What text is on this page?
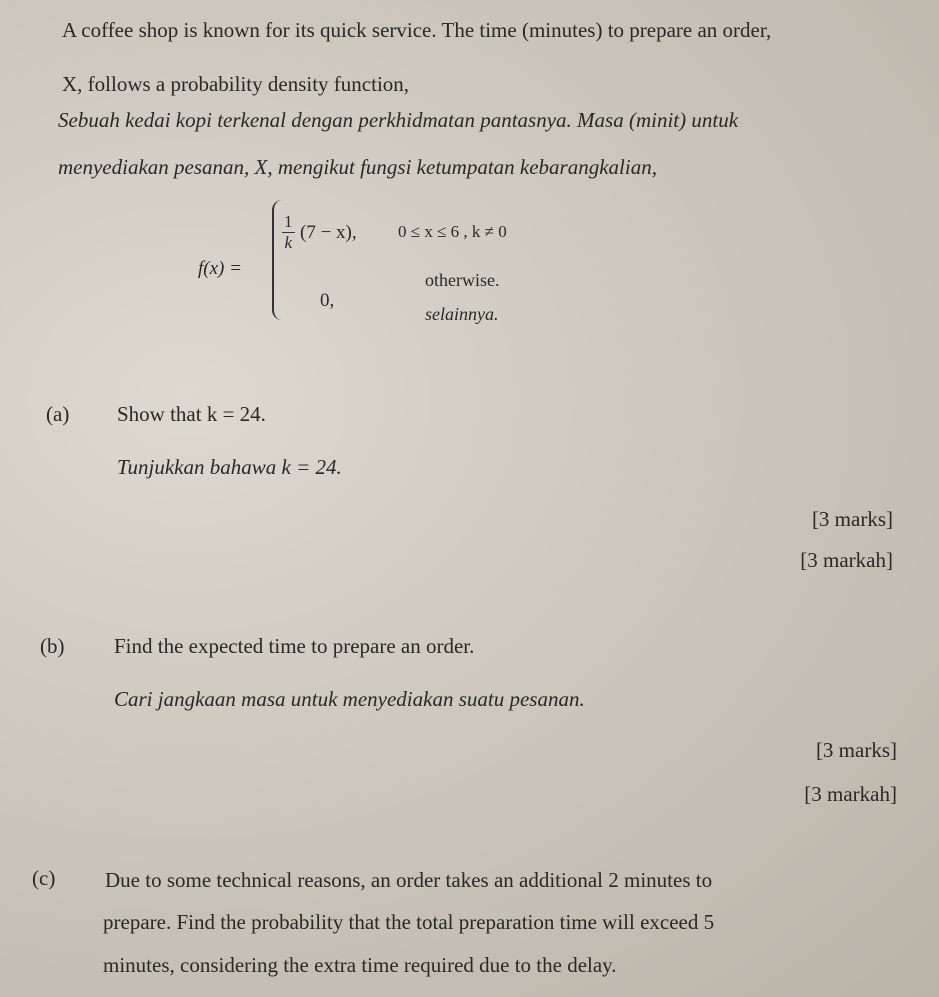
A coffee shop is known for its quick service. The time (minutes) to prepare an order,
X, follows a probability density function,
Sebuah kedai kopi terkenal dengan perkhidmatan pantasnya. Masa (minit) untuk
menyediakan pesanan, X, mengikut fungsi ketumpatan kebarangkalian,
f(x) =
$\frac{1}{k} (7 - x)$, 0 ≤ x ≤ 6 , k ≠ 0
0,
otherwise.
selainnya.
(a) Show that k = 24.
Tunjukkan bahawa k = 24.
[3 marks]
[3 markah]
(b) Find the expected time to prepare an order.
Cari jangkaan masa untuk menyediakan suatu pesanan.
[3 marks]
[3 markah]
(c) Due to some technical reasons, an order takes an additional 2 minutes to
prepare. Find the probability that the total preparation time will exceed 5
minutes, considering the extra time required due to the delay.
